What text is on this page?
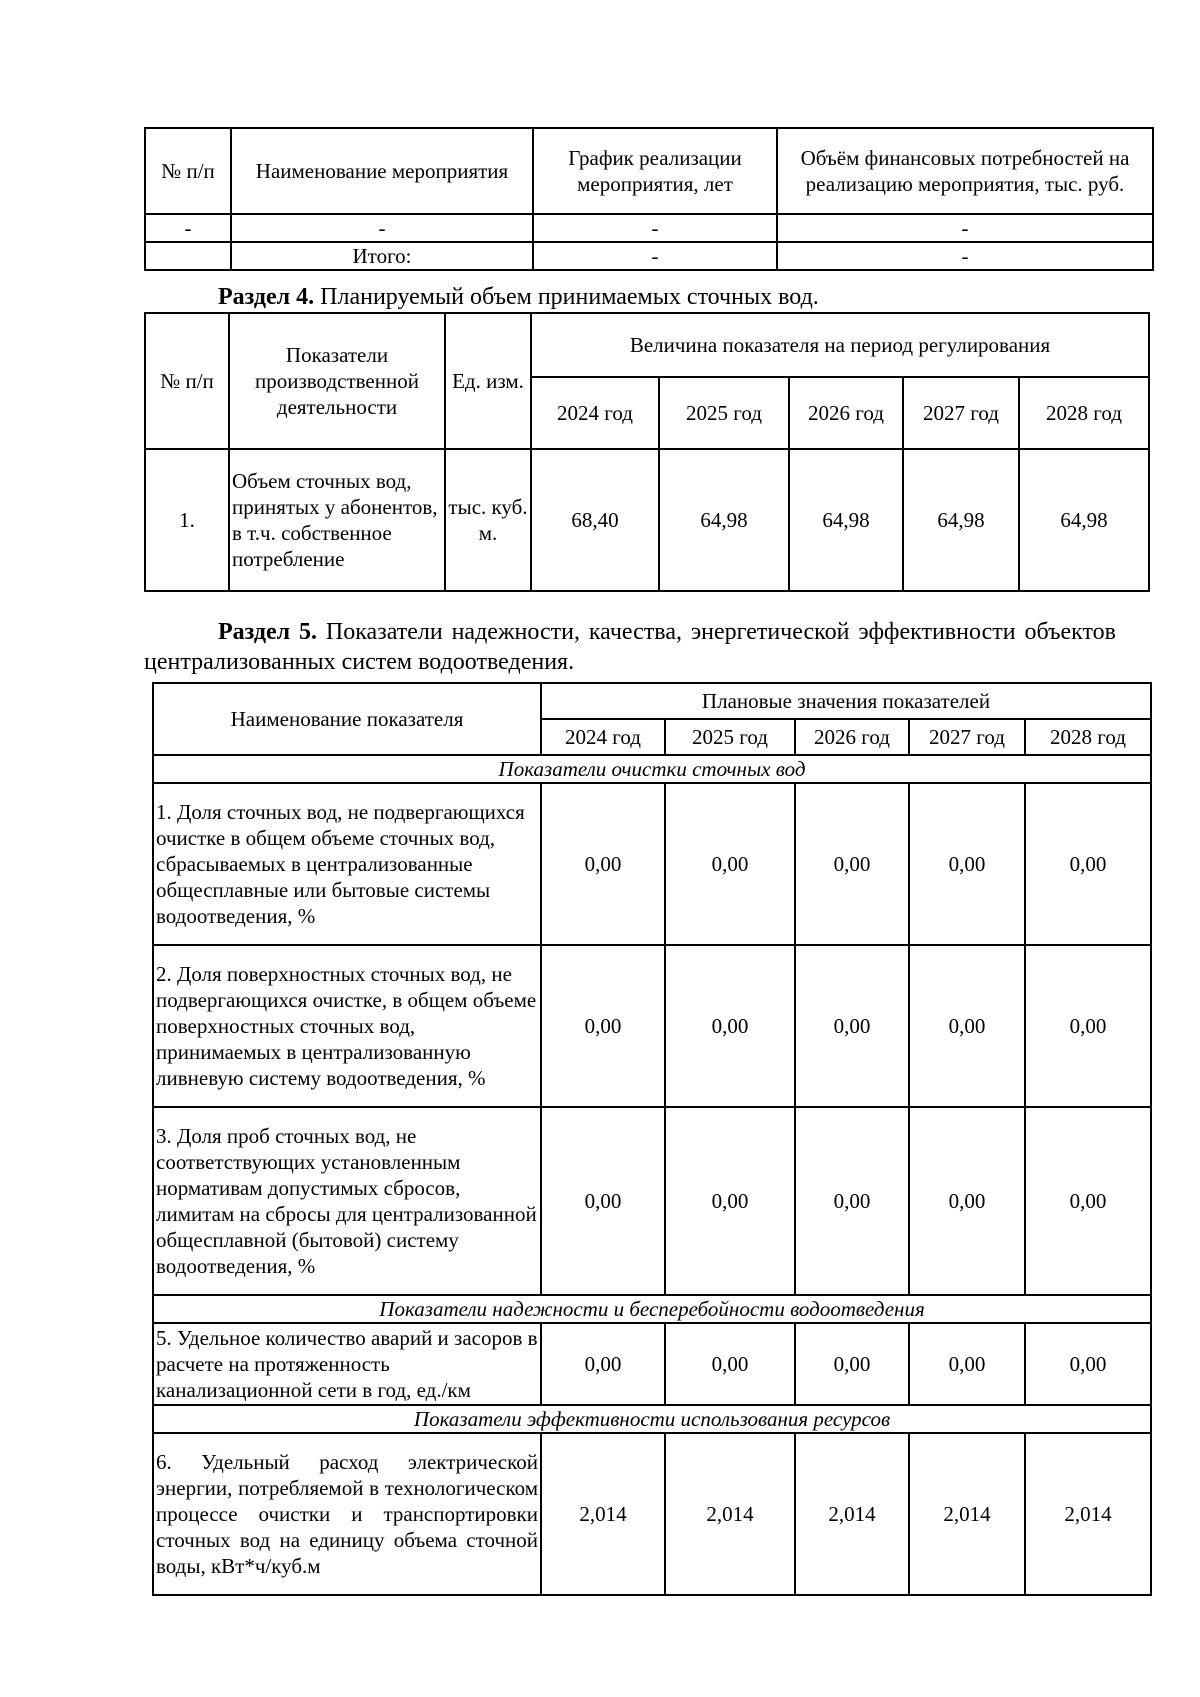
№ п/п	Наименование мероприятия	График реализации мероприятия, лет	Объём финансовых потребностей на реализацию мероприятия, тыс. руб.
-	-	-	-
	Итого:	-	-

Раздел 4. Планируемый объем принимаемых сточных вод.

№ п/п	Показатели производственной деятельности	Ед. изм.	Величина показателя на период регулирования				
			2024 год	2025 год	2026 год	2027 год	2028 год
1.	Объем сточных вод, принятых у абонентов, в т.ч. собственное потребление	тыс. куб. м.	68,40	64,98	64,98	64,98	64,98

Раздел 5. Показатели надежности, качества, энергетической эффективности объектов централизованных систем водоотведения.

Наименование показателя	Плановые значения показателей				
	2024 год	2025 год	2026 год	2027 год	2028 год
Показатели очистки сточных вод					
1. Доля сточных вод, не подвергающихся очистке в общем объеме сточных вод, сбрасываемых в централизованные общесплавные или бытовые системы водоотведения, %	0,00	0,00	0,00	0,00	0,00
2. Доля поверхностных сточных вод, не подвергающихся очистке, в общем объеме поверхностных сточных вод, принимаемых в централизованную ливневую систему водоотведения, %	0,00	0,00	0,00	0,00	0,00
3. Доля проб сточных вод, не соответствующих установленным нормативам допустимых сбросов, лимитам на сбросы для централизованной общесплавной (бытовой) систему водоотведения, %	0,00	0,00	0,00	0,00	0,00
Показатели надежности и бесперебойности водоотведения					
5. Удельное количество аварий и засоров в расчете на протяженность канализационной сети в год, ед./км	0,00	0,00	0,00	0,00	0,00
Показатели эффективности использования ресурсов					
6. Удельный расход электрической энергии, потребляемой в технологическом процессе очистки и транспортировки сточных вод на единицу объема сточной воды, кВт*ч/куб.м	2,014	2,014	2,014	2,014	2,014
